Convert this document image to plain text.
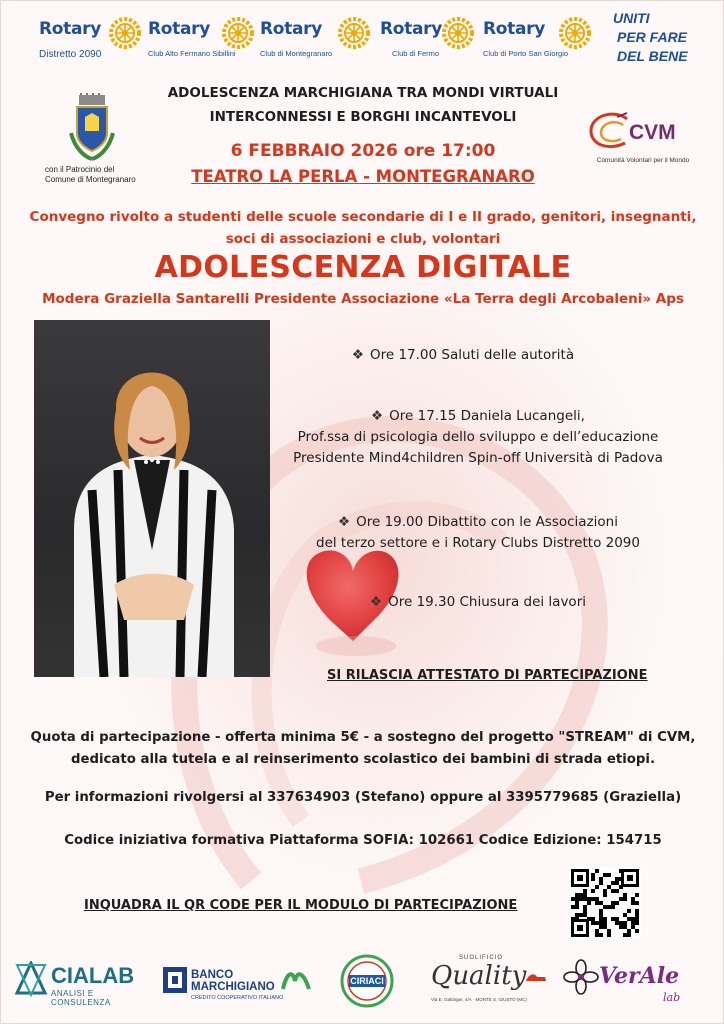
Rotary
Distretto 2090
Rotary
Club Alto Fermano Sibillini
Rotary
Club di Montegranaro
Rotary
Club di Fermo
Rotary
Club di Porto San Giorgio
UNITI
PER FARE
DEL BENE
con il Patrocinio del
Comune di Montegranaro
CVM
Comunità Volontari per il Mondo
ADOLESCENZA MARCHIGIANA TRA MONDI VIRTUALI
INTERCONNESSI E BORGHI INCANTEVOLI
6 FEBBRAIO 2026 ore 17:00
TEATRO LA PERLA - MONTEGRANARO
Convegno rivolto a studenti delle scuole secondarie di I e II grado, genitori, insegnanti,
soci di associazioni e club, volontari
ADOLESCENZA DIGITALE
Modera Graziella Santarelli Presidente Associazione «La Terra degli Arcobaleni» Aps
❖ Ore 17.00 Saluti delle autorità
❖ Ore 17.15 Daniela Lucangeli,
Prof.ssa di psicologia dello sviluppo e dell’educazione
Presidente Mind4children Spin-off Università di Padova
❖ Ore 19.00 Dibattito con le Associazioni
del terzo settore e i Rotary Clubs Distretto 2090
❖ Ore 19.30 Chiusura dei lavori
SI RILASCIA ATTESTATO DI PARTECIPAZIONE
Quota di partecipazione - offerta minima 5€ - a sostegno del progetto "STREAM" di CVM,
dedicato alla tutela e al reinserimento scolastico dei bambini di strada etiopi.
Per informazioni rivolgersi al 337634903 (Stefano) oppure al 3395779685 (Graziella)
Codice iniziativa formativa Piattaforma SOFIA: 102661 Codice Edizione: 154715
INQUADRA IL QR CODE PER IL MODULO DI PARTECIPAZIONE
CIALAB
ANALISI E CONSULENZA
BANCO
MARCHIGIANO
CREDITO COOPERATIVO ITALIANO
CIRIACI
SUOLIFICIO
Quality
Via E. Gattinger, 4/A · MONTE S. GIUSTO (MC)
VerAle
lab
